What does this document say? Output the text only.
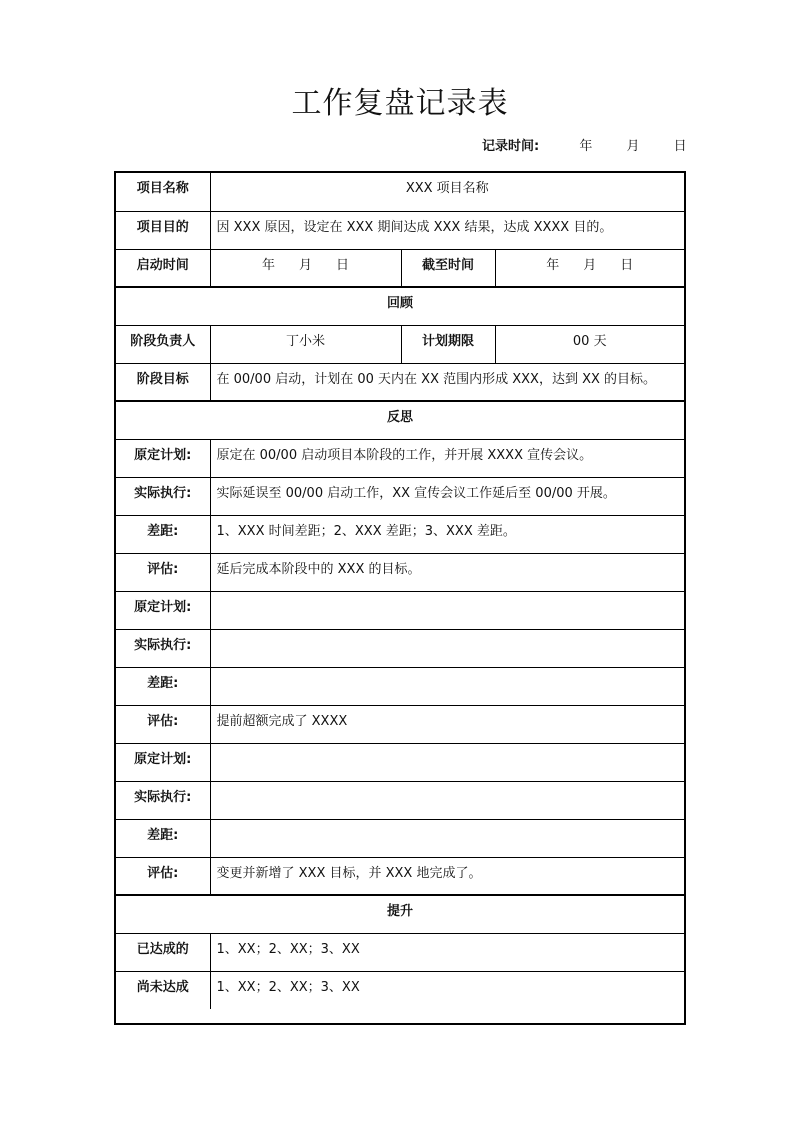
工作复盘记录表
记录时间:	年	月	日
项目名称	XXX 项目名称		
项目目的	因 XXX 原因，设定在 XXX 期间达成 XXX 结果，达成 XXXX 目的。		
启动时间	年 月 日	截至时间	年 月 日
回顾			
阶段负责人	丁小米	计划期限	00 天
阶段目标	在 00/00 启动，计划在 00 天内在 XX 范围内形成 XXX，达到 XX 的目标。		
反思			
原定计划:	原定在 00/00 启动项目本阶段的工作，并开展 XXXX 宣传会议。		
实际执行:	实际延误至 00/00 启动工作，XX 宣传会议工作延后至 00/00 开展。		
差距:	1、XXX 时间差距；2、XXX 差距；3、XXX 差距。		
评估:	延后完成本阶段中的 XXX 的目标。		
原定计划:			
实际执行:			
差距:			
评估:	提前超额完成了 XXXX		
原定计划:			
实际执行:			
差距:			
评估:	变更并新增了 XXX 目标，并 XXX 地完成了。		
提升			
已达成的	1、XX；2、XX；3、XX		
尚未达成	1、XX；2、XX；3、XX		
